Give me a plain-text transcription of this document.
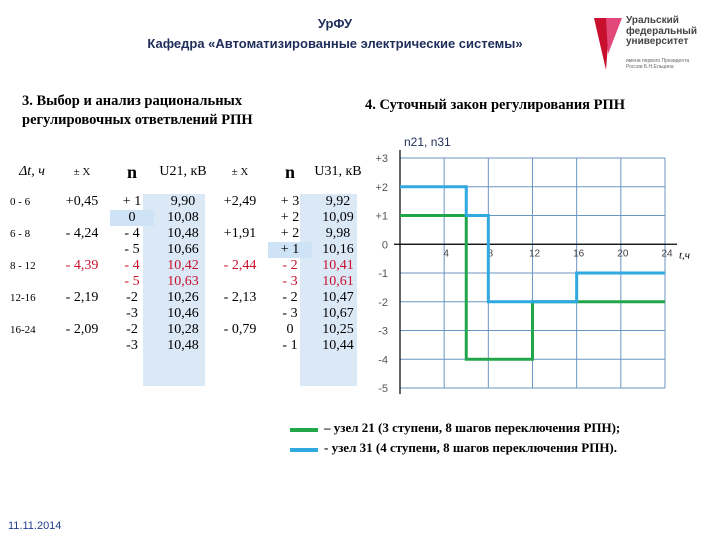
УрФУ
Кафедра «Автоматизированные электрические системы»
Уральский
федеральный
университет
имени первого Президента России Б.Н.Ельцина
3. Выбор и анализ рациональных регулировочных ответвлений РПН
4. Суточный закон регулирования РПН
Δt, ч	± X	n	U21, кВ	± X	n	U31, кВ
0 - 6	+0,45	+ 1	9,90	+2,49	+ 3	9,92
		0	10,08		+ 2	10,09
6 - 8	- 4,24	- 4	10,48	+1,91	+ 2	9,98
		- 5	10,66		+ 1	10,16
8 - 12	- 4,39	- 4	10,42	- 2,44	- 2	10,41
		- 5	10,63		- 3	10,61
12-16	- 2,19	-2	10,26	- 2,13	- 2	10,47
		-3	10,46		- 3	10,67
16-24	- 2,09	-2	10,28	- 0,79	0	10,25
		-3	10,48		- 1	10,44
+3
+2
+1
0
-1
-2
-3
-4
-5
4	8	12	16	20	24
n21, n31
t,ч
– узел 21 (3 ступени, 8 шагов переключения РПН);
- узел 31 (4 ступени, 8 шагов переключения РПН).
11.11.2014
